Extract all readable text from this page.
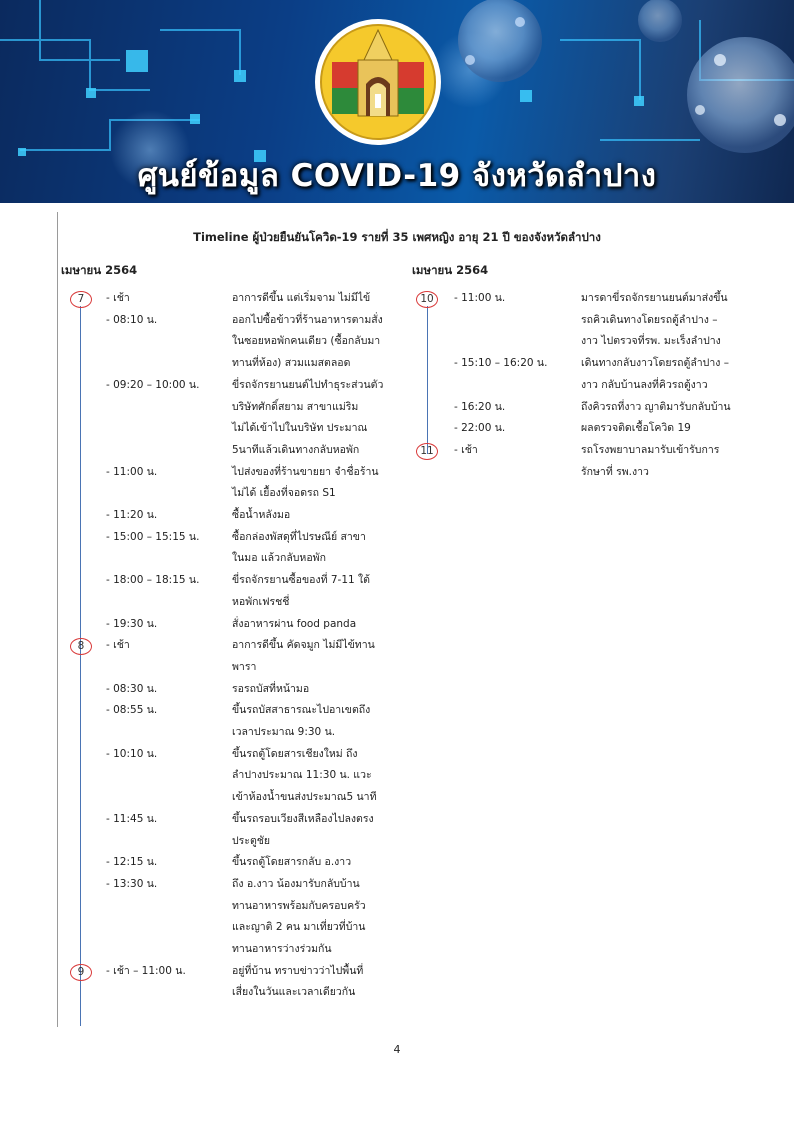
ศูนย์ข้อมูล COVID-19 จังหวัดลำปาง
Timeline ผู้ป่วยยืนยันโควิด-19 รายที่ 35 เพศหญิง อายุ 21 ปี ของจังหวัดลำปาง
เมษายน 2564	เมษายน 2564
7	- เช้า	อาการดีขึ้น แต่เริ่มจาม ไม่มีไข้
- 08:10 น.	ออกไปซื้อข้าวที่ร้านอาหารตามสั่ง
ในซอยหอพักคนเดียว (ซื้อกลับมา
ทานที่ห้อง) สวมแมสตลอด
- 09:20 – 10:00 น.	ขี่รถจักรยานยนต์ไปทำธุระส่วนตัว
บริษัทศักดิ์สยาม สาขาแม่ริม
ไม่ได้เข้าไปในบริษัท ประมาณ
5นาทีแล้วเดินทางกลับหอพัก
- 11:00 น.	ไปส่งของที่ร้านขายยา จำชื่อร้าน
ไม่ได้ เยื้องที่จอดรถ S1
- 11:20 น.	ซื้อน้ำหลังมอ
- 15:00 – 15:15 น.	ซื้อกล่องพัสดุที่ไปรษณีย์ สาขา
ในมอ แล้วกลับหอพัก
- 18:00 – 18:15 น.	ขี่รถจักรยานซื้อของที่ 7-11 ใต้
หอพักเฟรชชี่
- 19:30 น.	สั่งอาหารผ่าน food panda
8	- เช้า	อาการดีขึ้น คัดจมูก ไม่มีไข้ทาน
พารา
- 08:30 น.	รอรถบัสที่หน้ามอ
- 08:55 น.	ขึ้นรถบัสสาธารณะไปอาเขตถึง
เวลาประมาณ 9:30 น.
- 10:10 น.	ขึ้นรถตู้โดยสารเชียงใหม่ ถึง
ลำปางประมาณ 11:30 น. แวะ
เข้าห้องน้ำขนส่งประมาณ5 นาที
- 11:45 น.	ขึ้นรถรอบเวียงสีเหลืองไปลงตรง
ประตูชัย
- 12:15 น.	ขึ้นรถตู้โดยสารกลับ อ.งาว
- 13:30 น.	ถึง อ.งาว น้องมารับกลับบ้าน
ทานอาหารพร้อมกับครอบครัว
และญาติ 2 คน มาเที่ยวที่บ้าน
ทานอาหารว่างร่วมกัน
9	- เช้า – 11:00 น.	อยู่ที่บ้าน ทราบข่าวว่าไปพื้นที่
เสี่ยงในวันและเวลาเดียวกัน
10	- 11:00 น.	มารดาขี่รถจักรยานยนต์มาส่งขึ้น
รถคิวเดินทางโดยรถตู้ลำปาง –
งาว ไปตรวจที่รพ. มะเร็งลำปาง
- 15:10 – 16:20 น.	เดินทางกลับงาวโดยรถตู้ลำปาง –
งาว กลับบ้านลงที่คิวรถตู้งาว
- 16:20 น.	ถึงคิวรถที่งาว ญาติมารับกลับบ้าน
- 22:00 น.	ผลตรวจติดเชื้อโควิด 19
11	- เช้า	รถโรงพยาบาลมารับเข้ารับการ
รักษาที่ รพ.งาว
4
